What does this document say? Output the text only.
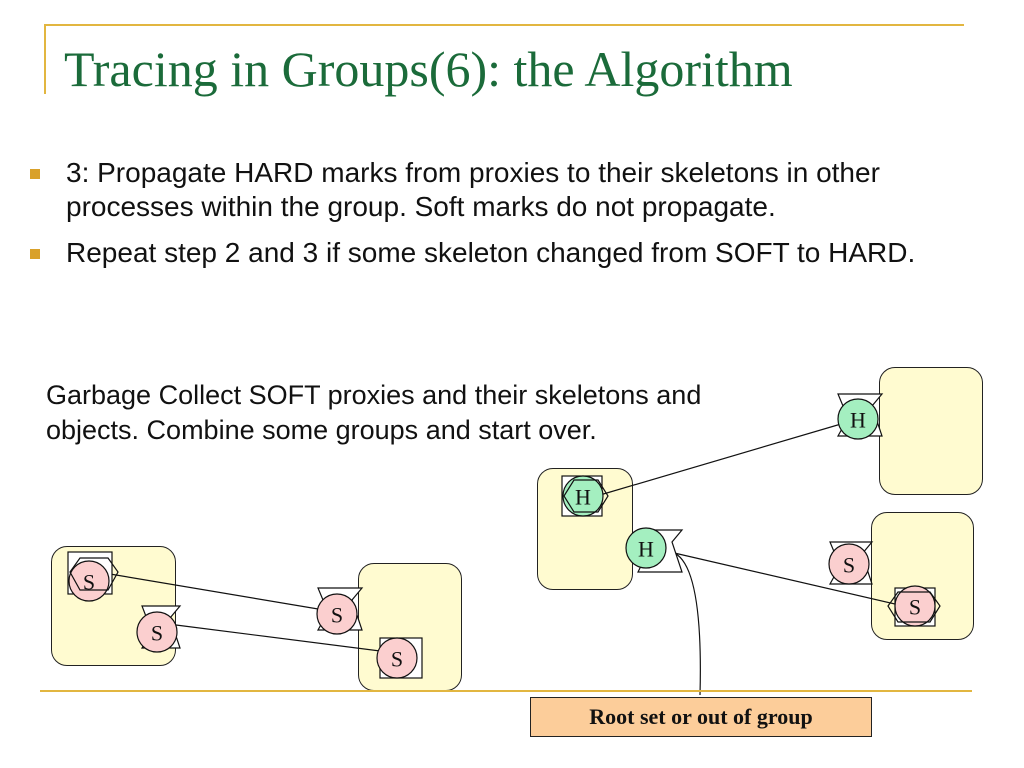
Tracing in Groups(6): the Algorithm
3: Propagate HARD marks from proxies to their skeletons in other processes within the group. Soft marks do not propagate.
Repeat step 2 and 3 if some skeleton changed from SOFT to HARD.

Garbage Collect SOFT proxies and their skeletons and objects. Combine some groups and start over.

S
S
S
S
H
H
H
S
S
Root set or out of group
